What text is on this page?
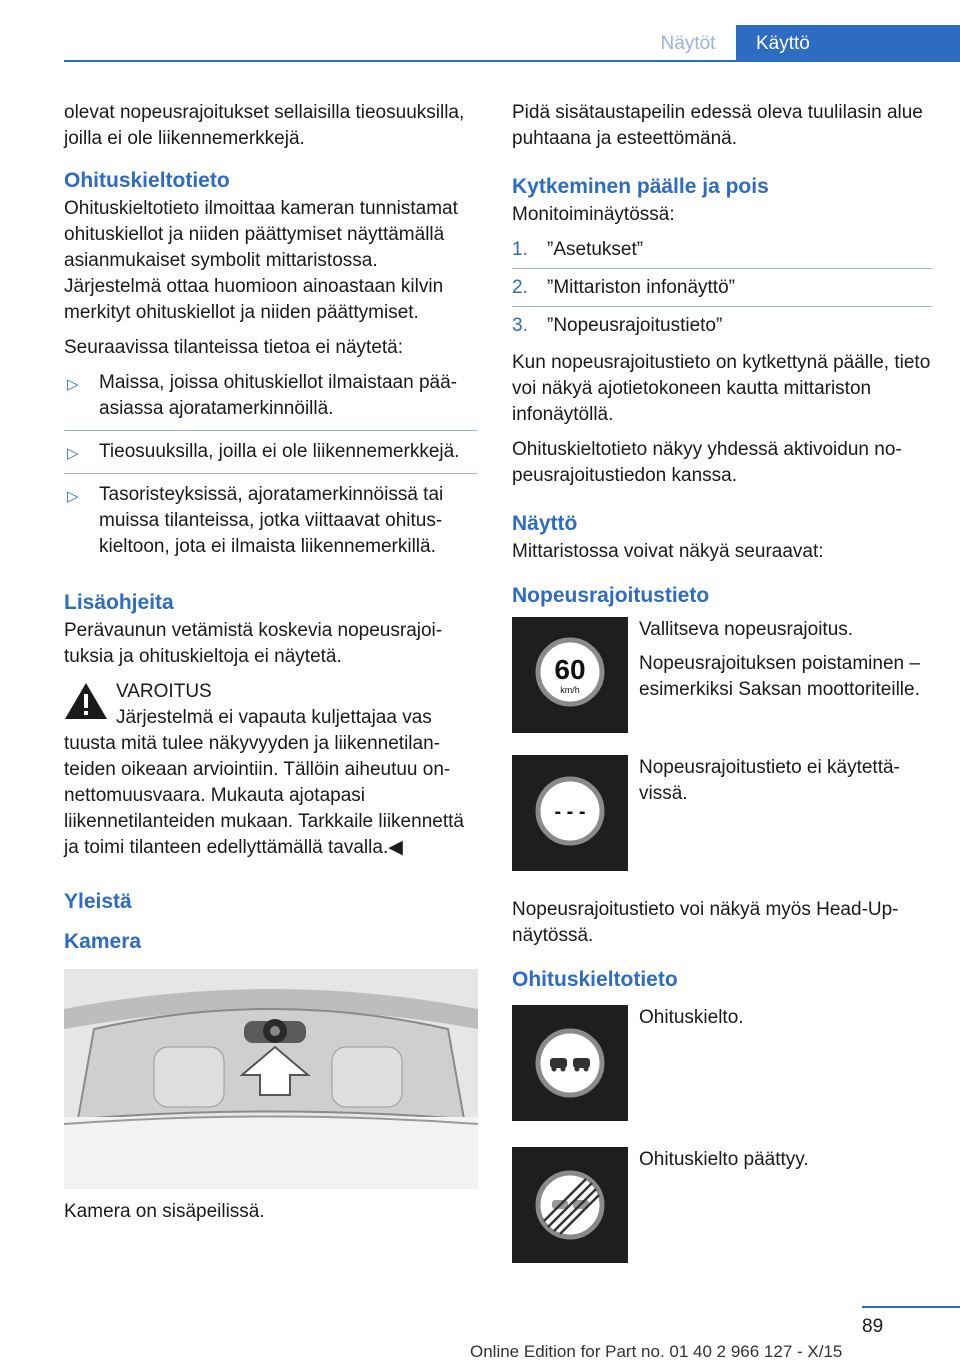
Näytöt	Käyttö

olevat nopeusrajoitukset sellaisilla tieosuuksilla, joilla ei ole liikennemerkkejä.

Ohituskieltotieto

Ohituskieltotieto ilmoittaa kameran tunnistamat ohituskiellot ja niiden päättymiset näyttämällä asianmukaiset symbolit mittaristossa. Järjestelmä ottaa huomioon ainoastaan kilvin merkityt ohituskiellot ja niiden päättymiset.

Seuraavissa tilanteissa tietoa ei näytetä:

▷ Maissa, joissa ohituskiellot ilmaistaan pääasiassa ajoratamerkinnöillä.
▷ Tieosuuksilla, joilla ei ole liikennemerkkejä.
▷ Tasoristeyksissä, ajoratamerkinnöissä tai muissa tilanteissa, jotka viittaavat ohituskieltoon, jota ei ilmaista liikennemerkillä.
Lisäohjeita

Perävaunun vetämistä koskevia nopeusrajoituksia ja ohituskieltoja ei näytetä.

VAROITUS
Järjestelmä ei vapauta kuljettajaa vas
tuusta mitä tulee näkyvyyden ja liikennetilanteiden oikeaan arviointiin. Tällöin aiheutuu onnettomuusvaara. Mukauta ajotapasi liikennetilanteiden mukaan. Tarkkaile liikennettä ja toimi tilanteen edellyttämällä tavalla.◀
Yleistä
Kamera

Kamera on sisäpeilissä.

Pidä sisätaustapeilin edessä oleva tuulilasin alue puhtaana ja esteettömänä.

Kytkeminen päälle ja pois

Monitoiminäytössä:

1. ”Asetukset”
2. ”Mittariston infonäyttö”
3. ”Nopeusrajoitustieto”

Kun nopeusrajoitustieto on kytkettynä päälle, tieto voi näkyä ajotietokoneen kautta mittariston infonäytöllä.

Ohituskieltotieto näkyy yhdessä aktivoidun nopeusrajoitustiedon kanssa.

Näyttö

Mittaristossa voivat näkyä seuraavat:

Nopeusrajoitustieto
60
km/h

Vallitseva nopeusrajoitus.

Nopeusrajoituksen poistaminen – esimerkiksi Saksan moottoriteille.

- - -

Nopeusrajoitustieto ei käytettävissä.

Nopeusrajoitustieto voi näkyä myös Head-Up-näytössä.

Ohituskieltotieto

Ohituskielto.

Ohituskielto päättyy.

89
Online Edition for Part no. 01 40 2 966 127 - X/15
